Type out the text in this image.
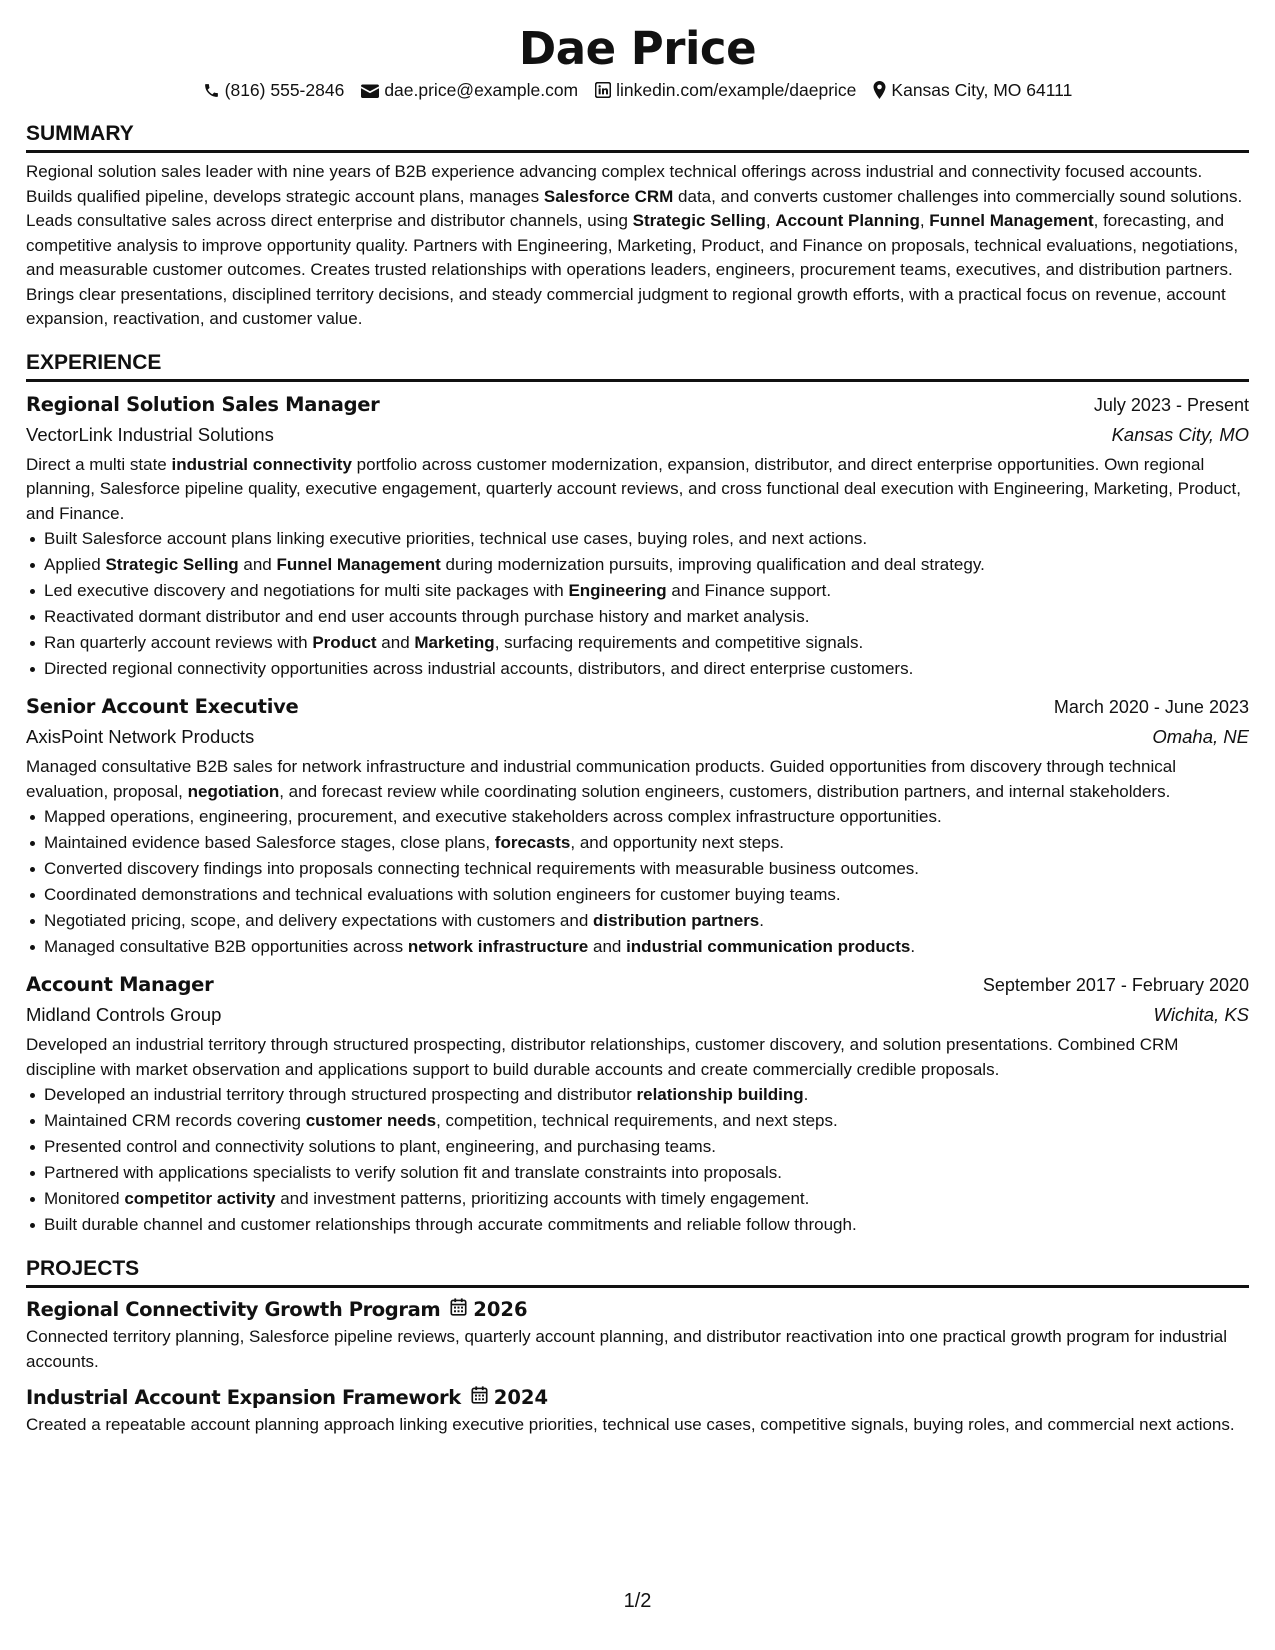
Dae Price
(816) 555-2846 dae.price@example.com linkedin.com/example/daeprice Kansas City, MO 64111
SUMMARY
Regional solution sales leader with nine years of B2B experience advancing complex technical offerings across industrial and connectivity focused accounts. Builds qualified pipeline, develops strategic account plans, manages Salesforce CRM data, and converts customer challenges into commercially sound solutions. Leads consultative sales across direct enterprise and distributor channels, using Strategic Selling, Account Planning, Funnel Management, forecasting, and competitive analysis to improve opportunity quality. Partners with Engineering, Marketing, Product, and Finance on proposals, technical evaluations, negotiations, and measurable customer outcomes. Creates trusted relationships with operations leaders, engineers, procurement teams, executives, and distribution partners. Brings clear presentations, disciplined territory decisions, and steady commercial judgment to regional growth efforts, with a practical focus on revenue, account expansion, reactivation, and customer value.
EXPERIENCE
Regional Solution Sales Manager	July 2023 - Present
VectorLink Industrial Solutions	Kansas City, MO
Direct a multi state industrial connectivity portfolio across customer modernization, expansion, distributor, and direct enterprise opportunities. Own regional planning, Salesforce pipeline quality, executive engagement, quarterly account reviews, and cross functional deal execution with Engineering, Marketing, Product, and Finance.
Built Salesforce account plans linking executive priorities, technical use cases, buying roles, and next actions.
Applied Strategic Selling and Funnel Management during modernization pursuits, improving qualification and deal strategy.
Led executive discovery and negotiations for multi site packages with Engineering and Finance support.
Reactivated dormant distributor and end user accounts through purchase history and market analysis.
Ran quarterly account reviews with Product and Marketing, surfacing requirements and competitive signals.
Directed regional connectivity opportunities across industrial accounts, distributors, and direct enterprise customers.
Senior Account Executive	March 2020 - June 2023
AxisPoint Network Products	Omaha, NE
Managed consultative B2B sales for network infrastructure and industrial communication products. Guided opportunities from discovery through technical evaluation, proposal, negotiation, and forecast review while coordinating solution engineers, customers, distribution partners, and internal stakeholders.
Mapped operations, engineering, procurement, and executive stakeholders across complex infrastructure opportunities.
Maintained evidence based Salesforce stages, close plans, forecasts, and opportunity next steps.
Converted discovery findings into proposals connecting technical requirements with measurable business outcomes.
Coordinated demonstrations and technical evaluations with solution engineers for customer buying teams.
Negotiated pricing, scope, and delivery expectations with customers and distribution partners.
Managed consultative B2B opportunities across network infrastructure and industrial communication products.
Account Manager	September 2017 - February 2020
Midland Controls Group	Wichita, KS
Developed an industrial territory through structured prospecting, distributor relationships, customer discovery, and solution presentations. Combined CRM discipline with market observation and applications support to build durable accounts and create commercially credible proposals.
Developed an industrial territory through structured prospecting and distributor relationship building.
Maintained CRM records covering customer needs, competition, technical requirements, and next steps.
Presented control and connectivity solutions to plant, engineering, and purchasing teams.
Partnered with applications specialists to verify solution fit and translate constraints into proposals.
Monitored competitor activity and investment patterns, prioritizing accounts with timely engagement.
Built durable channel and customer relationships through accurate commitments and reliable follow through.
PROJECTS
Regional Connectivity Growth Program 2026
Connected territory planning, Salesforce pipeline reviews, quarterly account planning, and distributor reactivation into one practical growth program for industrial accounts.
Industrial Account Expansion Framework 2024
Created a repeatable account planning approach linking executive priorities, technical use cases, competitive signals, buying roles, and commercial next actions.
1/2
